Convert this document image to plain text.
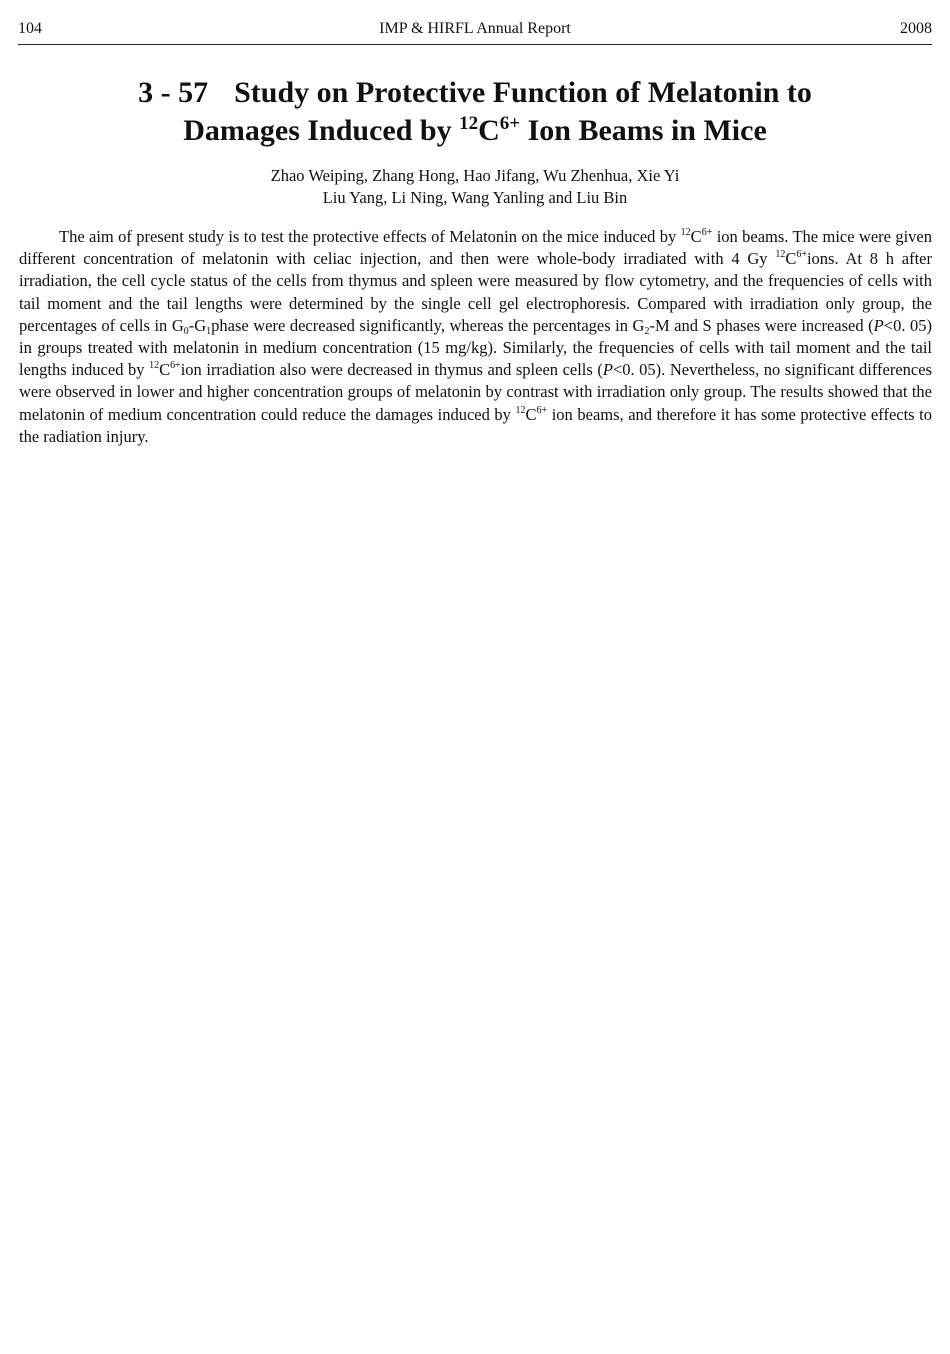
104	IMP & HIRFL Annual Report	2008
3 - 57 Study on Protective Function of Melatonin to
Damages Induced by $^{12}C^{6+}$ Ion Beams in Mice
Zhao Weiping, Zhang Hong, Hao Jifang, Wu Zhenhua, Xie Yi
Liu Yang, Li Ning, Wang Yanling and Liu Bin
The aim of present study is to test the protective effects of Melatonin on the mice induced by $^{12}C^{6+}$ ion beams. The mice were given different concentration of melatonin with celiac injection, and then were whole-body irradiated with 4 Gy $^{12}C^{6+}ions$. At 8 h after irradiation, the cell cycle status of the cells from thymus and spleen were measured by flow cytometry, and the frequencies of cells with tail moment and the tail lengths were determined by the single cell gel electrophoresis. Compared with irradiation only group, the percentages of cells in $G_0-G_1phase$ were decreased significantly, whereas the percentages in $G_2-M$ and S phases were increased (P<0. 05) in groups treated with melatonin in medium concentration (15 mg/kg). Similarly, the frequencies of cells with tail moment and the tail lengths induced by $^{12}C^{6+}ion$ irradiation also were decreased in thymus and spleen cells (P<0. 05). Nevertheless, no significant differences were observed in lower and higher concentration groups of melatonin by contrast with irradiation only group. The results showed that the melatonin of medium concentration could reduce the damages induced by $^{12}C^{6+}$ ion beams, and therefore it has some protective effects to the radiation injury.
